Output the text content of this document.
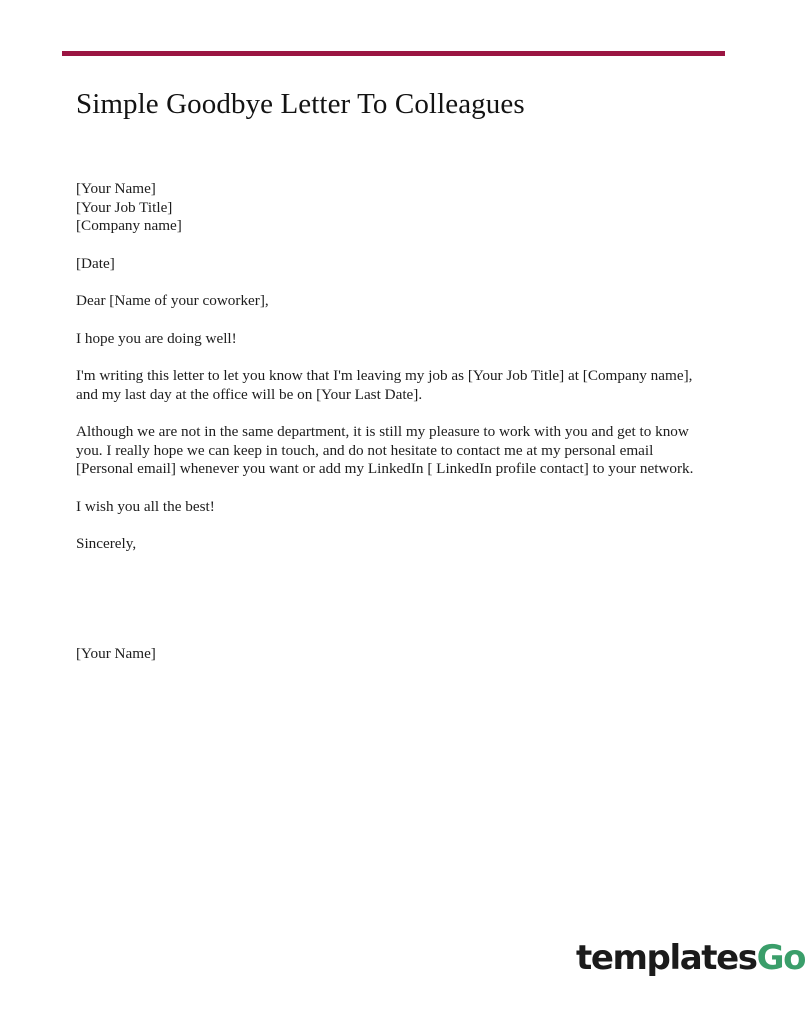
Simple Goodbye Letter To Colleagues
[Your Name]
[Your Job Title]
[Company name]
[Date]
Dear [Name of your coworker],
I hope you are doing well!
I'm writing this letter to let you know that I'm leaving my job as [Your Job Title] at [Company name], and my last day at the office will be on [Your Last Date].
Although we are not in the same department, it is still my pleasure to work with you and get to know you. I really hope we can keep in touch, and do not hesitate to contact me at my personal email [Personal email] whenever you want or add my LinkedIn [ LinkedIn profile contact] to your network.
I wish you all the best!
Sincerely,
[Your Name]
templatesGo
